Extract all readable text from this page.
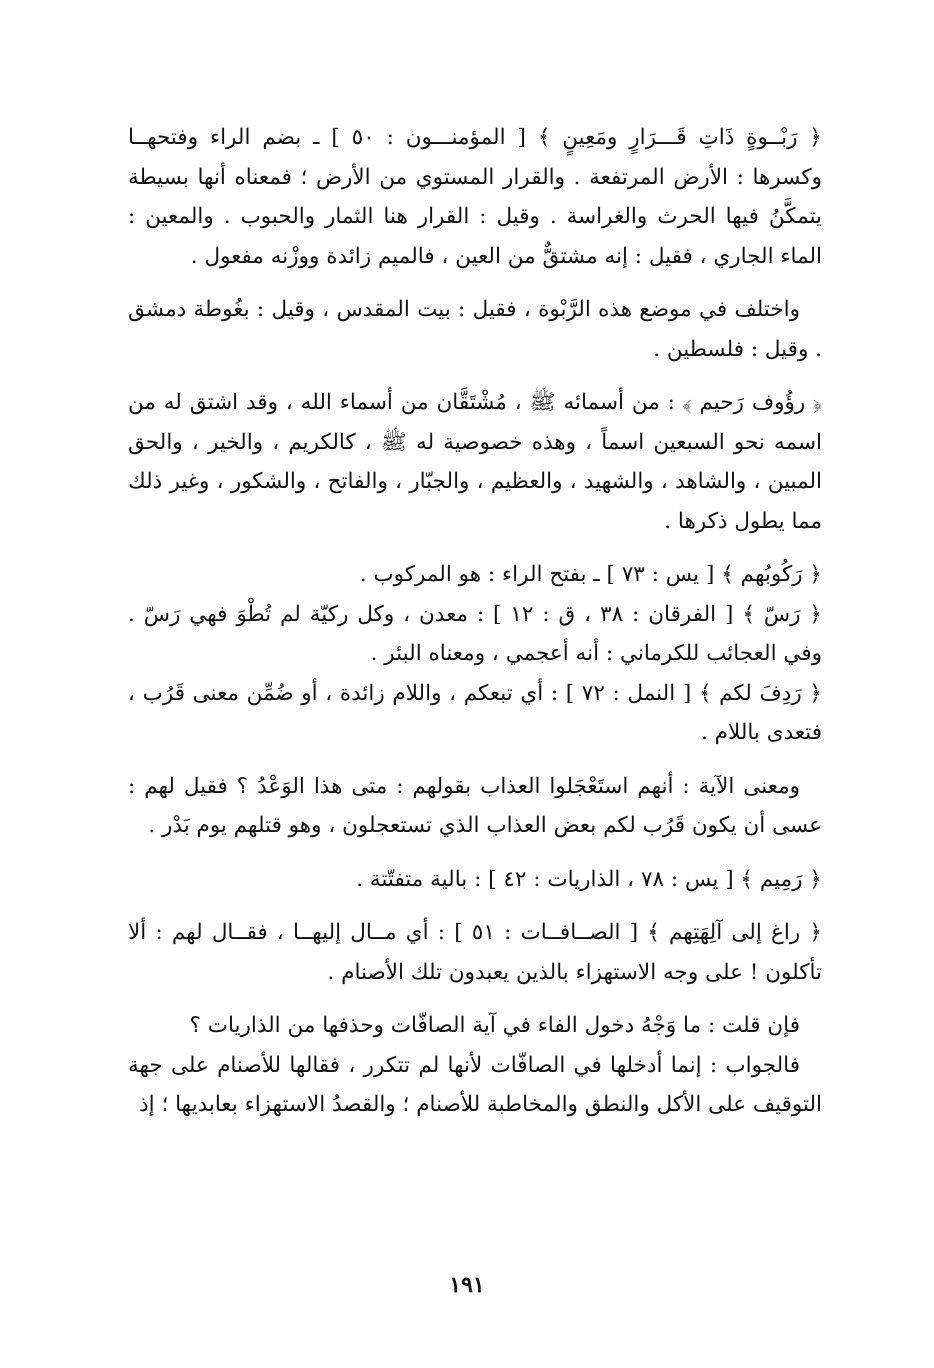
﴿ رَبْــوةٍ ذَاتِ قَـــرَارٍ ومَعِينٍ ﴾ [ المؤمنـــون : ٥٠ ] ـ بضم الراء وفتحهــا وكسرها : الأرض المرتفعة . والقرار المستوي من الأرض ؛ فمعناه أنها بسيطة يتمكَّنُ فيها الحرث والغراسة . وقيل : القرار هنا الثمار والحبوب . والمعين : الماء الجاري ، فقيل : إنه مشتقٌّ من العين ، فالميم زائدة ووزْنه مفعول .

واختلف في موضع هذه الرَّبْوة ، فقيل : بيت المقدس ، وقيل : بغُوطة دمشق . وقيل : فلسطين .

﴿ رؤُوف رَحيم ﴾ : من أسمائه ﷺ ، مُشْتَقَّان من أسماء الله ، وقد اشتق له من اسمه نحو السبعين اسماً ، وهذه خصوصية له ﷺ ، كالكريم ، والخير ، والحق المبين ، والشاهد ، والشهيد ، والعظيم ، والجبّار ، والفاتح ، والشكور ، وغير ذلك مما يطول ذكرها .

﴿ رَكُوبُهم ﴾ [ يس : ٧٣ ] ـ بفتح الراء : هو المركوب .

﴿ رَسّ ﴾ [ الفرقان : ٣٨ ، ق : ١٢ ] : معدن ، وكل ركيّة لم تُطْوَ فهي رَسّ . وفي العجائب للكرماني : أنه أعجمي ، ومعناه البئر .

﴿ رَدِفَ لكم ﴾ [ النمل : ٧٢ ] : أي تبعكم ، واللام زائدة ، أو ضُمِّن معنى قَرُب ، فتعدى باللام .

ومعنى الآية : أنهم استَعْجَلوا العذاب بقولهم : متى هذا الوَعْدُ ؟ فقيل لهم : عسى أن يكون قَرُب لكم بعض العذاب الذي تستعجلون ، وهو قتلهم يوم بَدْر .

﴿ رَمِيم ﴾ [ يس : ٧٨ ، الذاريات : ٤٢ ] : بالية متفتّتة .

﴿ راغ إلى آلِهَتِهم ﴾ [ الصــافــات : ٥١ ] : أي مــال إليهــا ، فقــال لهم : ألا تأكلون ! على وجه الاستهزاء بالذين يعبدون تلك الأصنام .

فإن قلت : ما وَجْهُ دخول الفاء في آية الصافّات وحذفها من الذاريات ؟

فالجواب : إنما أدخلها في الصافّات لأنها لم تتكرر ، فقالها للأصنام على جهة التوقيف على الأكل والنطق والمخاطبة للأصنام ؛ والقصدُ الاستهزاء بعابديها ؛ إذ

١٩١
